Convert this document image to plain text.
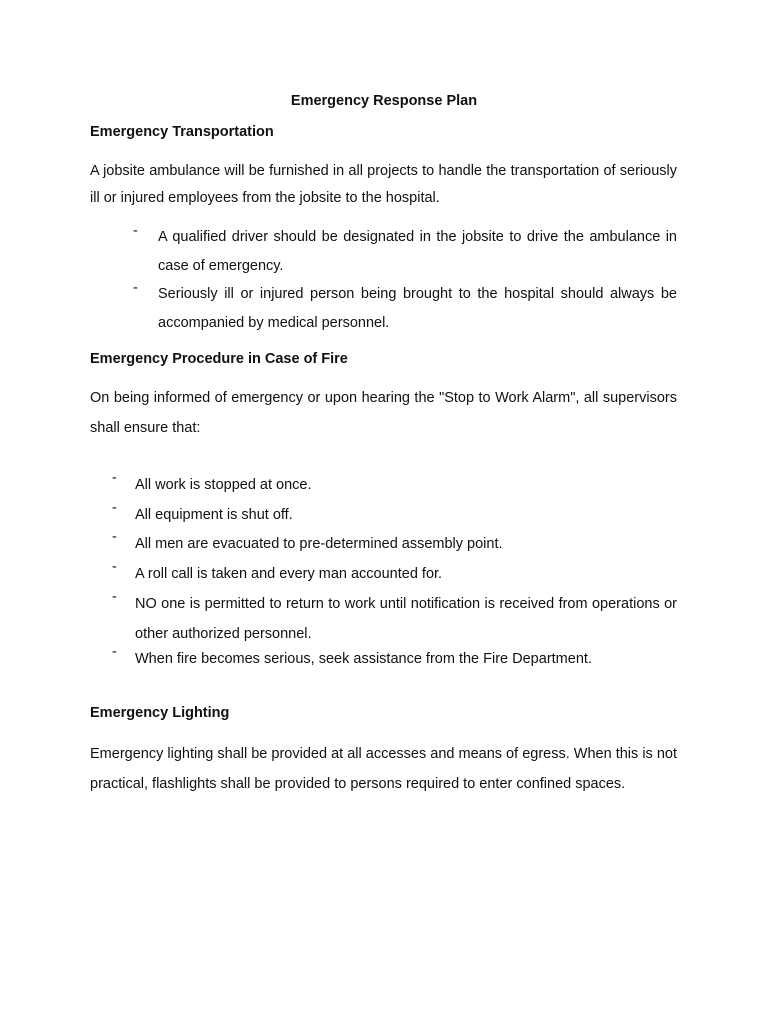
Emergency Response Plan
Emergency Transportation
A jobsite ambulance will be furnished in all projects to handle the transportation of seriously ill or injured employees from the jobsite to the hospital.
- A qualified driver should be designated in the jobsite to drive the ambulance in case of emergency.
- Seriously ill or injured person being brought to the hospital should always be accompanied by medical personnel.
Emergency Procedure in Case of Fire
On being informed of emergency or upon hearing the "Stop to Work Alarm", all supervisors shall ensure that:
- All work is stopped at once.
- All equipment is shut off.
- All men are evacuated to pre-determined assembly point.
- A roll call is taken and every man accounted for.
- NO one is permitted to return to work until notification is received from operations or other authorized personnel.
- When fire becomes serious, seek assistance from the Fire Department.
Emergency Lighting
Emergency lighting shall be provided at all accesses and means of egress. When this is not practical, flashlights shall be provided to persons required to enter confined spaces.
